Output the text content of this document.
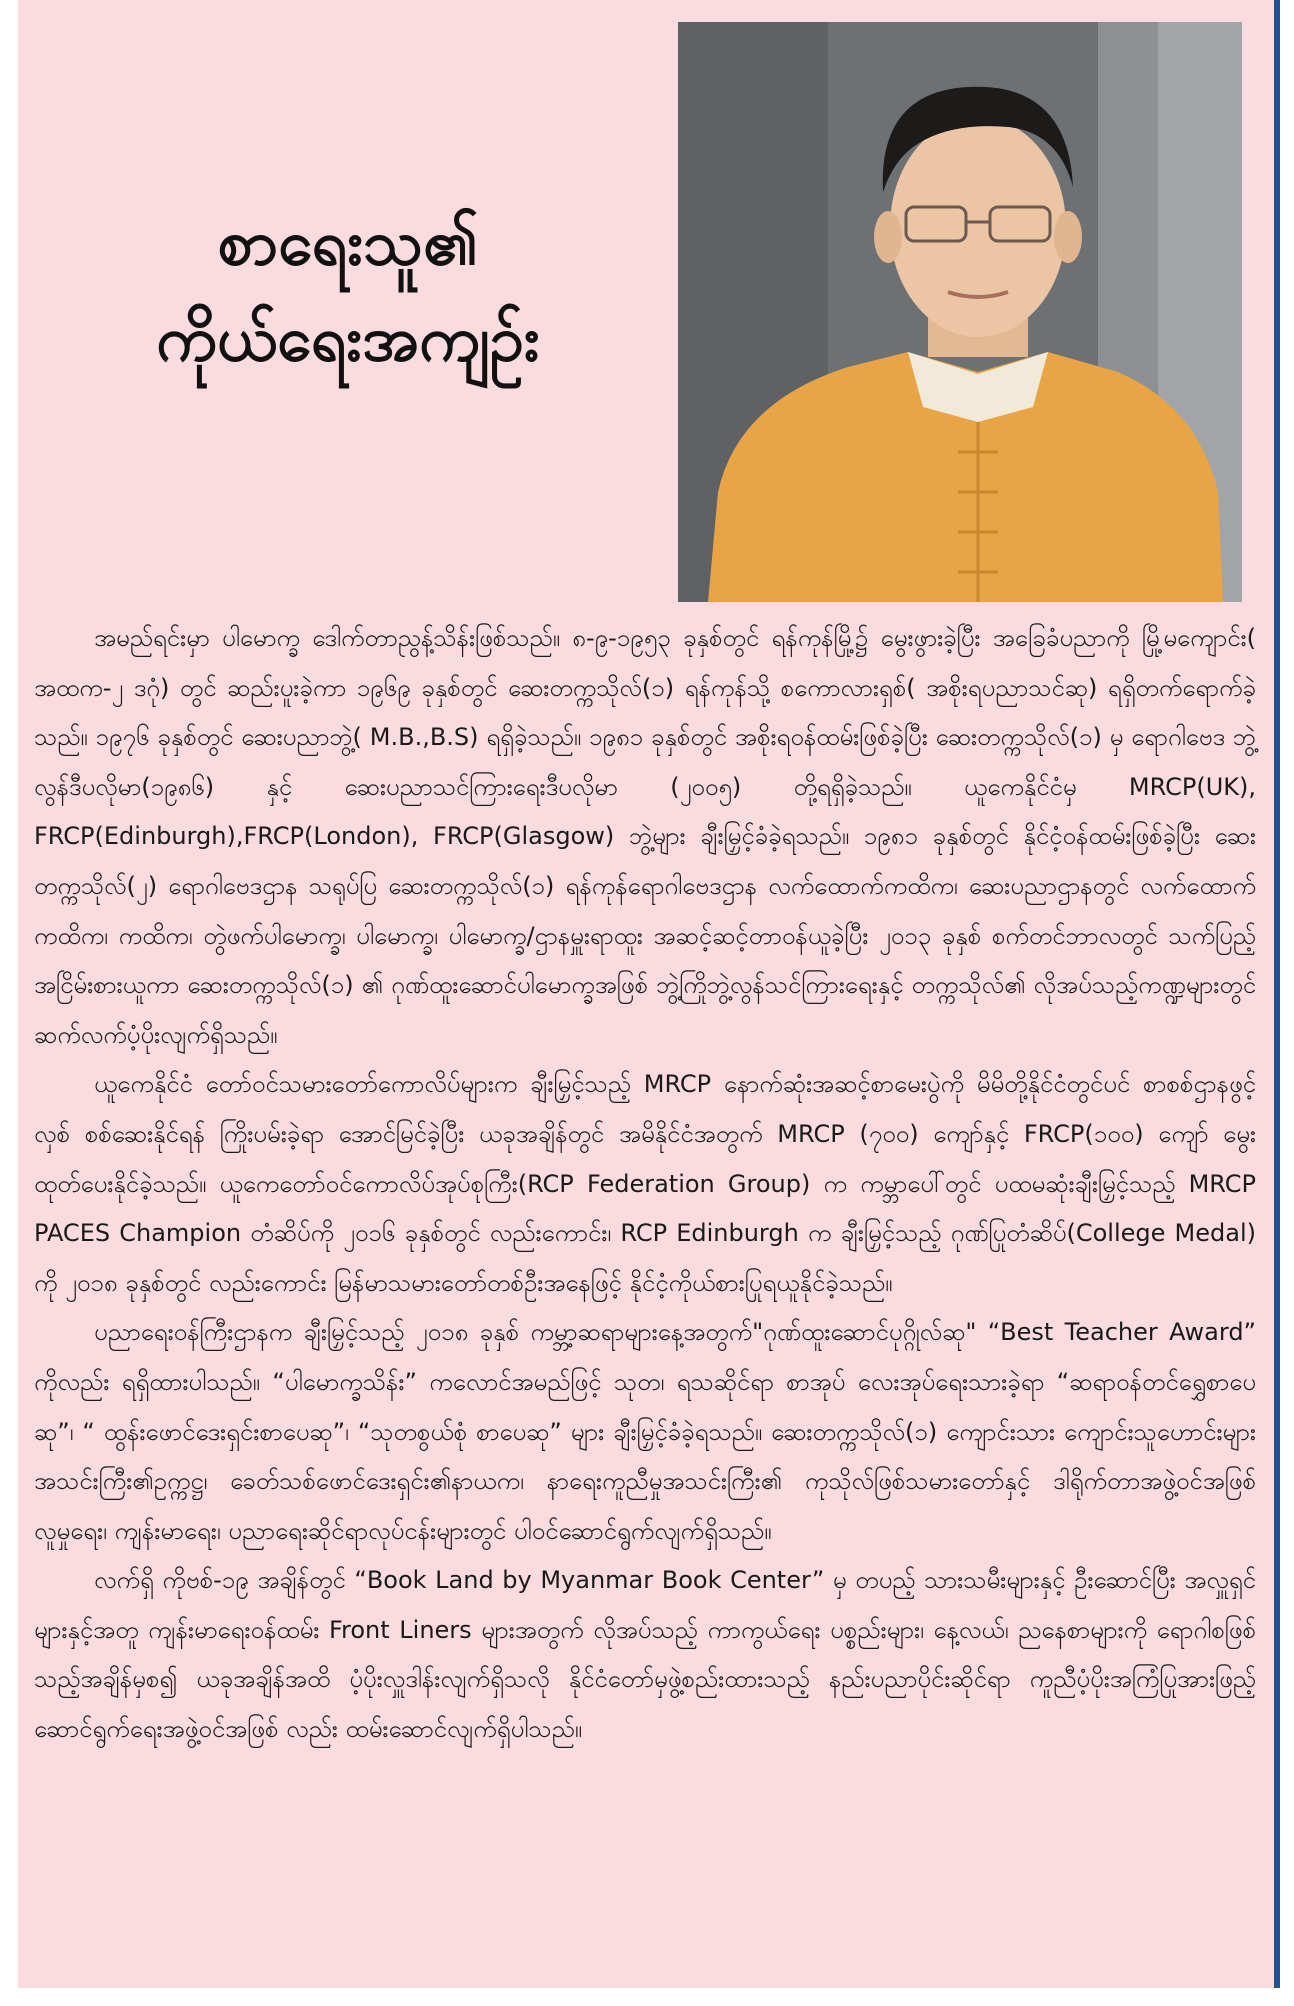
စာရေးသူ၏
ကိုယ်ရေးအကျဉ်း

အမည်ရင်းမှာ ပါမောက္ခ ဒေါက်တာညွန့်သိန်းဖြစ်သည်။ ၈-၉-၁၉၅၃ ခုနှစ်တွင် ရန်ကုန်မြို့၌ မွေးဖွားခဲ့ပြီး အခြေခံပညာကို မြို့မကျောင်း( အထက-၂ ဒဂုံ) တွင် ဆည်းပူးခဲ့ကာ ၁၉၆၉ ခုနှစ်တွင် ဆေးတက္ကသိုလ်(၁) ရန်ကုန်သို့ စကောလားရှစ်( အစိုးရပညာသင်ဆု) ရရှိတက်ရောက်ခဲ့သည်။ ၁၉၇၆ ခုနှစ်တွင် ဆေးပညာဘွဲ့( M.B.,B.S) ရရှိခဲ့သည်။ ၁၉၈၁ ခုနှစ်တွင် အစိုးရဝန်ထမ်းဖြစ်ခဲ့ပြီး ဆေးတက္ကသိုလ်(၁) မှ ရောဂါဗေဒ ဘွဲ့လွန်ဒီပလိုမာ(၁၉၈၆) နှင့် ဆေးပညာသင်ကြားရေးဒီပလိုမာ (၂၀၀၅) တို့ရရှိခဲ့သည်။ ယူကေနိုင်ငံမှ MRCP(UK), FRCP(Edinburgh),FRCP(London), FRCP(Glasgow) ဘွဲ့များ ချီးမြှင့်ခံခဲ့ရသည်။ ၁၉၈၁ ခုနှစ်တွင် နိုင်ငံ့ဝန်ထမ်းဖြစ်ခဲ့ပြီး ဆေးတက္ကသိုလ်(၂) ရောဂါဗေဒဌာန သရုပ်ပြ ဆေးတက္ကသိုလ်(၁) ရန်ကုန်ရောဂါဗေဒဌာန လက်ထောက်ကထိက၊ ဆေးပညာဌာနတွင် လက်ထောက်ကထိက၊ ကထိက၊ တွဲဖက်ပါမောက္ခ၊ ပါမောက္ခ၊ ပါမောက္ခ/ဌာနမှူးရာထူး အဆင့်ဆင့်တာဝန်ယူခဲ့ပြီး ၂၀၁၃ ခုနှစ် စက်တင်ဘာလတွင် သက်ပြည့်အငြိမ်းစားယူကာ ဆေးတက္ကသိုလ်(၁) ၏ ဂုဏ်ထူးဆောင်ပါမောက္ခအဖြစ် ဘွဲ့ကြိုဘွဲ့လွန်သင်ကြားရေးနှင့် တက္ကသိုလ်၏ လိုအပ်သည့်ကဏ္ဍများတွင် ဆက်လက်ပံ့ပိုးလျက်ရှိသည်။

ယူကေနိုင်ငံ တော်ဝင်သမားတော်ကောလိပ်များက ချီးမြှင့်သည့် MRCP နောက်ဆုံးအဆင့်စာမေးပွဲကို မိမိတို့နိုင်ငံတွင်ပင် စာစစ်ဌာနဖွင့်လှစ် စစ်ဆေးနိုင်ရန် ကြိုးပမ်းခဲ့ရာ အောင်မြင်ခဲ့ပြီး ယခုအချိန်တွင် အမိနိုင်ငံအတွက် MRCP (၇၀၀) ကျော်နှင့် FRCP(၁၀၀) ကျော် မွေးထုတ်ပေးနိုင်ခဲ့သည်။ ယူကေတော်ဝင်ကောလိပ်အုပ်စုကြီး(RCP Federation Group) က ကမ္ဘာပေါ်တွင် ပထမဆုံးချီးမြှင့်သည့် MRCP PACES Champion တံဆိပ်ကို ၂၀၁၆ ခုနှစ်တွင် လည်းကောင်း၊ RCP Edinburgh က ချီးမြှင့်သည့် ဂုဏ်ပြုတံဆိပ်(College Medal) ကို ၂၀၁၈ ခုနှစ်တွင် လည်းကောင်း မြန်မာသမားတော်တစ်ဦးအနေဖြင့် နိုင်ငံ့ကိုယ်စားပြုရယူနိုင်ခဲ့သည်။

ပညာရေးဝန်ကြီးဌာနက ချီးမြှင့်သည့် ၂၀၁၈ ခုနှစ် ကမ္ဘာ့ဆရာများနေ့အတွက်"ဂုဏ်ထူးဆောင်ပုဂ္ဂိုလ်ဆု" “Best Teacher Award” ကိုလည်း ရရှိထားပါသည်။ “ပါမောက္ခသိန်း” ကလောင်အမည်ဖြင့် သုတ၊ ရသဆိုင်ရာ စာအုပ် လေးအုပ်ရေးသားခဲ့ရာ “ဆရာဝန်တင်ရွှေစာပေဆု”၊ “ ထွန်းဖောင်ဒေးရှင်းစာပေဆု”၊ “သုတစွယ်စုံ စာပေဆု” များ ချီးမြှင့်ခံခဲ့ရသည်။ ဆေးတက္ကသိုလ်(၁) ကျောင်းသား ကျောင်းသူဟောင်းများအသင်းကြီး၏ဥက္ကဋ္ဌ၊ ခေတ်သစ်ဖောင်ဒေးရှင်း၏နာယက၊ နာရေးကူညီမှုအသင်းကြီး၏ ကုသိုလ်ဖြစ်သမားတော်နှင့် ဒါရိုက်တာအဖွဲ့ဝင်အဖြစ် လူမှုရေး၊ ကျန်းမာရေး၊ ပညာရေးဆိုင်ရာလုပ်ငန်းများတွင် ပါဝင်ဆောင်ရွက်လျက်ရှိသည်။

လက်ရှိ ကိုဗစ်-၁၉ အချိန်တွင် “Book Land by Myanmar Book Center” မှ တပည့် သားသမီးများနှင့် ဦးဆောင်ပြီး အလှူရှင်များနှင့်အတူ ကျန်းမာရေးဝန်ထမ်း Front Liners များအတွက် လိုအပ်သည့် ကာကွယ်ရေး ပစ္စည်းများ၊ နေ့လယ်၊ ညနေစာများကို ရောဂါစဖြစ်သည့်အချိန်မှစ၍ ယခုအချိန်အထိ ပံ့ပိုးလှူဒါန်းလျက်ရှိသလို နိုင်ငံတော်မှဖွဲ့စည်းထားသည့် နည်းပညာပိုင်းဆိုင်ရာ ကူညီပံ့ပိုးအကြံပြုအားဖြည့်ဆောင်ရွက်ရေးအဖွဲ့ဝင်အဖြစ် လည်း ထမ်းဆောင်လျက်ရှိပါသည်။
